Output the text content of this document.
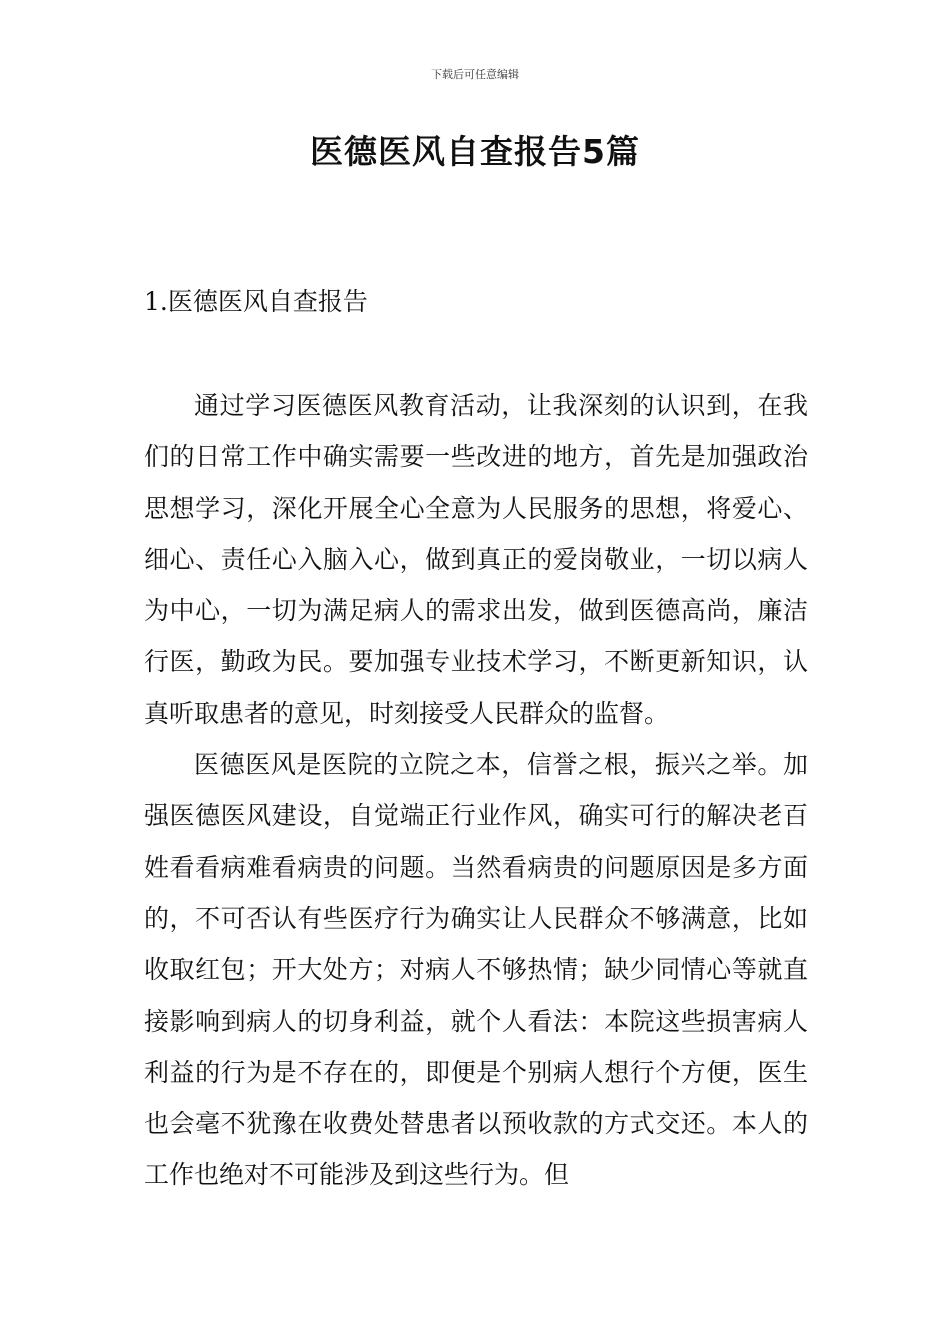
下载后可任意编辑
医德医风自查报告5篇
1.医德医风自查报告

通过学习医德医风教育活动，让我深刻的认识到，在我们的日常工作中确实需要一些改进的地方，首先是加强政治思想学习，深化开展全心全意为人民服务的思想，将爱心、细心、责任心入脑入心，做到真正的爱岗敬业，一切以病人为中心，一切为满足病人的需求出发，做到医德高尚，廉洁行医，勤政为民。要加强专业技术学习，不断更新知识，认真听取患者的意见，时刻接受人民群众的监督。

医德医风是医院的立院之本，信誉之根，振兴之举。加强医德医风建设，自觉端正行业作风，确实可行的解决老百姓看看病难看病贵的问题。当然看病贵的问题原因是多方面的，不可否认有些医疗行为确实让人民群众不够满意，比如收取红包；开大处方；对病人不够热情；缺少同情心等就直接影响到病人的切身利益，就个人看法：本院这些损害病人利益的行为是不存在的，即便是个别病人想行个方便，医生也会毫不犹豫在收费处替患者以预收款的方式交还。本人的工作也绝对不可能涉及到这些行为。但
